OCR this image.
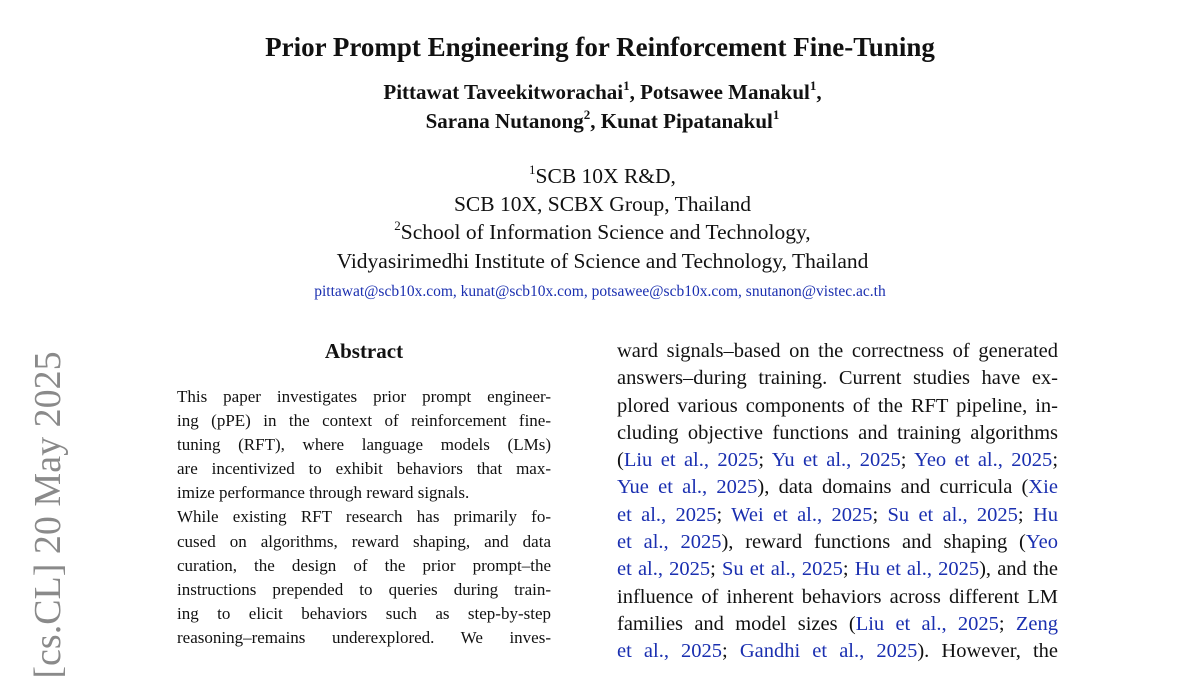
Prior Prompt Engineering for Reinforcement Fine-Tuning
Pittawat Taveekitworachai$^1$, Potsawee Manakul$^1$,
Sarana Nutanong$^2$, Kunat Pipatanakul$^1$
$^1$SCB 10X R&D,
SCB 10X, SCBX Group, Thailand
$^2$School of Information Science and Technology,
Vidyasirimedhi Institute of Science and Technology, Thailand
pittawat@scb10x.com, kunat@scb10x.com, potsawee@scb10x.com, snutanon@vistec.ac.th
Abstract
This paper investigates prior prompt engineer-
ing (pPE) in the context of reinforcement fine-
tuning (RFT), where language models (LMs)
are incentivized to exhibit behaviors that max-
imize performance through reward signals.
While existing RFT research has primarily fo-
cused on algorithms, reward shaping, and data
curation, the design of the prior prompt–the
instructions prepended to queries during train-
ing to elicit behaviors such as step-by-step
reasoning–remains underexplored. We inves-
ward signals–based on the correctness of generated
answers–during training. Current studies have ex-
plored various components of the RFT pipeline, in-
cluding objective functions and training algorithms
(Liu et al., 2025; Yu et al., 2025; Yeo et al., 2025;
Yue et al., 2025), data domains and curricula (Xie
et al., 2025; Wei et al., 2025; Su et al., 2025; Hu
et al., 2025), reward functions and shaping (Yeo
et al., 2025; Su et al., 2025; Hu et al., 2025), and the
influence of inherent behaviors across different LM
families and model sizes (Liu et al., 2025; Zeng
et al., 2025; Gandhi et al., 2025). However, the
[cs.CL] 20 May 2025
